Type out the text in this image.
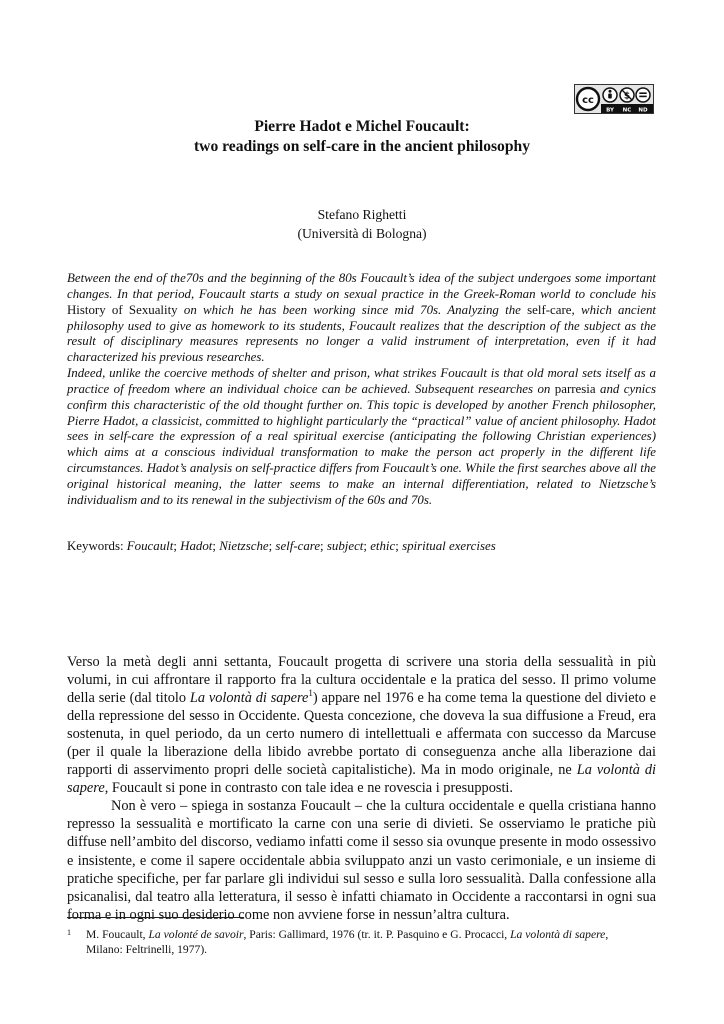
cc	$
BY NC ND
Pierre Hadot e Michel Foucault:
two readings on self-care in the ancient philosophy
Stefano Righetti
(Università di Bologna)

Between the end of the70s and the beginning of the 80s Foucault’s idea of the subject undergoes some important changes. In that period, Foucault starts a study on sexual practice in the Greek-Roman world to conclude his History of Sexuality on which he has been working since mid 70s. Analyzing the self-care, which ancient philosophy used to give as homework to its students, Foucault realizes that the description of the subject as the result of disciplinary measures represents no longer a valid instrument of interpretation, even if it had characterized his previous researches.

Indeed, unlike the coercive methods of shelter and prison, what strikes Foucault is that old moral sets itself as a practice of freedom where an individual choice can be achieved. Subsequent researches on parresia and cynics confirm this characteristic of the old thought further on. This topic is developed by another French philosopher, Pierre Hadot, a classicist, committed to highlight particularly the “practical” value of ancient philosophy. Hadot sees in self-care the expression of a real spiritual exercise (anticipating the following Christian experiences) which aims at a conscious individual transformation to make the person act properly in the different life circumstances. Hadot’s analysis on self-practice differs from Foucault’s one. While the first searches above all the original historical meaning, the latter seems to make an internal differentiation, related to Nietzsche’s individualism and to its renewal in the subjectivism of the 60s and 70s.

Keywords: Foucault; Hadot; Nietzsche; self-care; subject; ethic; spiritual exercises

Verso la metà degli anni settanta, Foucault progetta di scrivere una storia della sessualità in più volumi, in cui affrontare il rapporto fra la cultura occidentale e la pratica del sesso. Il primo volume della serie (dal titolo La volontà di sapere$^1$) appare nel 1976 e ha come tema la questione del divieto e della repressione del sesso in Occidente. Questa concezione, che doveva la sua diffusione a Freud, era sostenuta, in quel periodo, da un certo numero di intellettuali e affermata con successo da Marcuse (per il quale la liberazione della libido avrebbe portato di conseguenza anche alla liberazione dai rapporti di asservimento propri delle società capitalistiche). Ma in modo originale, ne La volontà di sapere, Foucault si pone in contrasto con tale idea e ne rovescia i presupposti.

Non è vero – spiega in sostanza Foucault – che la cultura occidentale e quella cristiana hanno represso la sessualità e mortificato la carne con una serie di divieti. Se osserviamo le pratiche più diffuse nell’ambito del discorso, vediamo infatti come il sesso sia ovunque presente in modo ossessivo e insistente, e come il sapere occidentale abbia sviluppato anzi un vasto cerimoniale, e un insieme di pratiche specifiche, per far parlare gli individui sul sesso e sulla loro sessualità. Dalla confessione alla psicanalisi, dal teatro alla letteratura, il sesso è infatti chiamato in Occidente a raccontarsi in ogni sua forma e in ogni suo desiderio come non avviene forse in nessun’altra cultura.

1	M. Foucault, La volonté de savoir, Paris: Gallimard, 1976 (tr. it. P. Pasquino e G. Procacci, La volontà di sapere,
Milano: Feltrinelli, 1977).
